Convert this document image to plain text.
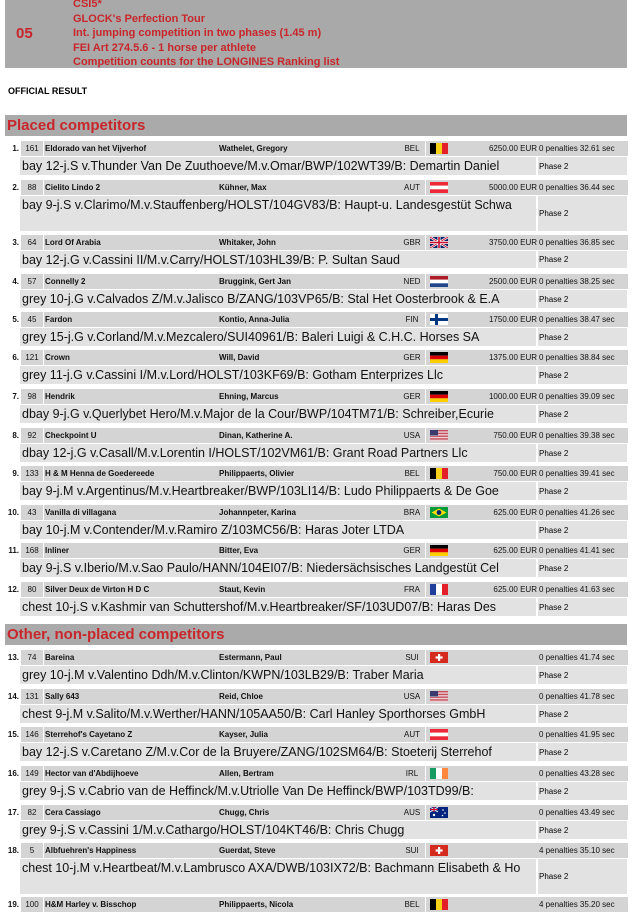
05
CSI5*
GLOCK's Perfection Tour
Int. jumping competition in two phases (1.45 m)
FEI Art 274.5.6 - 1 horse per athlete
Competition counts for the LONGINES Ranking list
OFFICIAL RESULT
Placed competitors
1. 161 Eldorado van het Vijverhof	Wathelet, Gregory	BEL	6250.00 EUR 0 penalties 32.61 sec
bay 12-j.S v.Thunder Van De Zuuthoeve/M.v.Omar/BWP/102WT39/B: Demartin Daniel	Phase 2
2.	88	Cielito Lindo 2	Kühner, Max	AUT	5000.00 EUR 0 penalties 36.44 sec
bay 9-j.S v.Clarimo/M.v.Stauffenberg/HOLST/104GV83/B: Haupt-u. Landesgestüt Schwa
Phase 2
3.	64	Lord Of Arabia	Whitaker, John	GBR	3750.00 EUR 0 penalties 36.85 sec
bay 12-j.G v.Cassini II/M.v.Carry/HOLST/103HL39/B: P. Sultan Saud	Phase 2
4.	57	Connelly 2	Bruggink, Gert Jan	NED	2500.00 EUR 0 penalties 38.25 sec
grey 10-j.G v.Calvados Z/M.v.Jalisco B/ZANG/103VP65/B: Stal Het Oosterbrook & E.A	Phase 2
5.	45	Fardon	Kontio, Anna-Julia	FIN	1750.00 EUR 0 penalties 38.47 sec
grey 15-j.G v.Corland/M.v.Mezcalero/SUI40961/B: Baleri Luigi & C.H.C. Horses SA	Phase 2
6. 121 Crown	Will, David	GER	1375.00 EUR 0 penalties 38.84 sec
grey 11-j.G v.Cassini I/M.v.Lord/HOLST/103KF69/B: Gotham Enterprizes Llc	Phase 2
7.	98	Hendrik	Ehning, Marcus	GER	1000.00 EUR 0 penalties 39.09 sec
dbay 9-j.G v.Querlybet Hero/M.v.Major de la Cour/BWP/104TM71/B: Schreiber,Ecurie	Phase 2
8.	92	Checkpoint U	Dinan, Katherine A.	USA	750.00 EUR 0 penalties 39.38 sec
dbay 12-j.G v.Casall/M.v.Lorentin I/HOLST/102VM61/B: Grant Road Partners Llc	Phase 2
9. 133 H & M Henna de Goedereede	Philippaerts, Olivier	BEL	750.00 EUR 0 penalties 39.41 sec
bay 9-j.M v.Argentinus/M.v.Heartbreaker/BWP/103LI14/B: Ludo Philippaerts & De Goe	Phase 2
10.	43	Vanilla di villagana	Johannpeter, Karina	BRA	625.00 EUR 0 penalties 41.26 sec
bay 10-j.M v.Contender/M.v.Ramiro Z/103MC56/B: Haras Joter LTDA	Phase 2
11. 168 Inliner	Bitter, Eva	GER	625.00 EUR 0 penalties 41.41 sec
bay 9-j.S v.Iberio/M.v.Sao Paulo/HANN/104EI07/B: Niedersächsisches Landgestüt Cel	Phase 2
12.	80	Silver Deux de Virton H D C	Staut, Kevin	FRA	625.00 EUR 0 penalties 41.63 sec
chest 10-j.S v.Kashmir van Schuttershof/M.v.Heartbreaker/SF/103UD07/B: Haras Des	Phase 2
Other, non-placed competitors
13.	74	Bareina	Estermann, Paul	SUI	0 penalties 41.74 sec
grey 10-j.M v.Valentino Ddh/M.v.Clinton/KWPN/103LB29/B: Traber Maria	Phase 2
14. 131 Sally 643	Reid, Chloe	USA	0 penalties 41.78 sec
chest 9-j.M v.Salito/M.v.Werther/HANN/105AA50/B: Carl Hanley Sporthorses GmbH	Phase 2
15. 146 Sterrehof's Cayetano Z	Kayser, Julia	AUT	0 penalties 41.95 sec
bay 12-j.S v.Caretano Z/M.v.Cor de la Bruyere/ZANG/102SM64/B: Stoeterij Sterrehof	Phase 2
16. 149 Hector van d'Abdijhoeve	Allen, Bertram	IRL	0 penalties 43.28 sec
grey 9-j.S v.Cabrio van de Heffinck/M.v.Utriolle Van De Heffinck/BWP/103TD99/B:	Phase 2
17.	82	Cera Cassiago	Chugg, Chris	AUS	0 penalties 43.49 sec
grey 9-j.S v.Cassini 1/M.v.Cathargo/HOLST/104KT46/B: Chris Chugg	Phase 2
18.	5	Albfuehren's Happiness	Guerdat, Steve	SUI	4 penalties 35.10 sec
chest 10-j.M v.Heartbeat/M.v.Lambrusco AXA/DWB/103IX72/B: Bachmann Elisabeth & Ho
Phase 2
19. 100 H&M Harley v. Bisschop	Philippaerts, Nicola	BEL	4 penalties 35.20 sec
